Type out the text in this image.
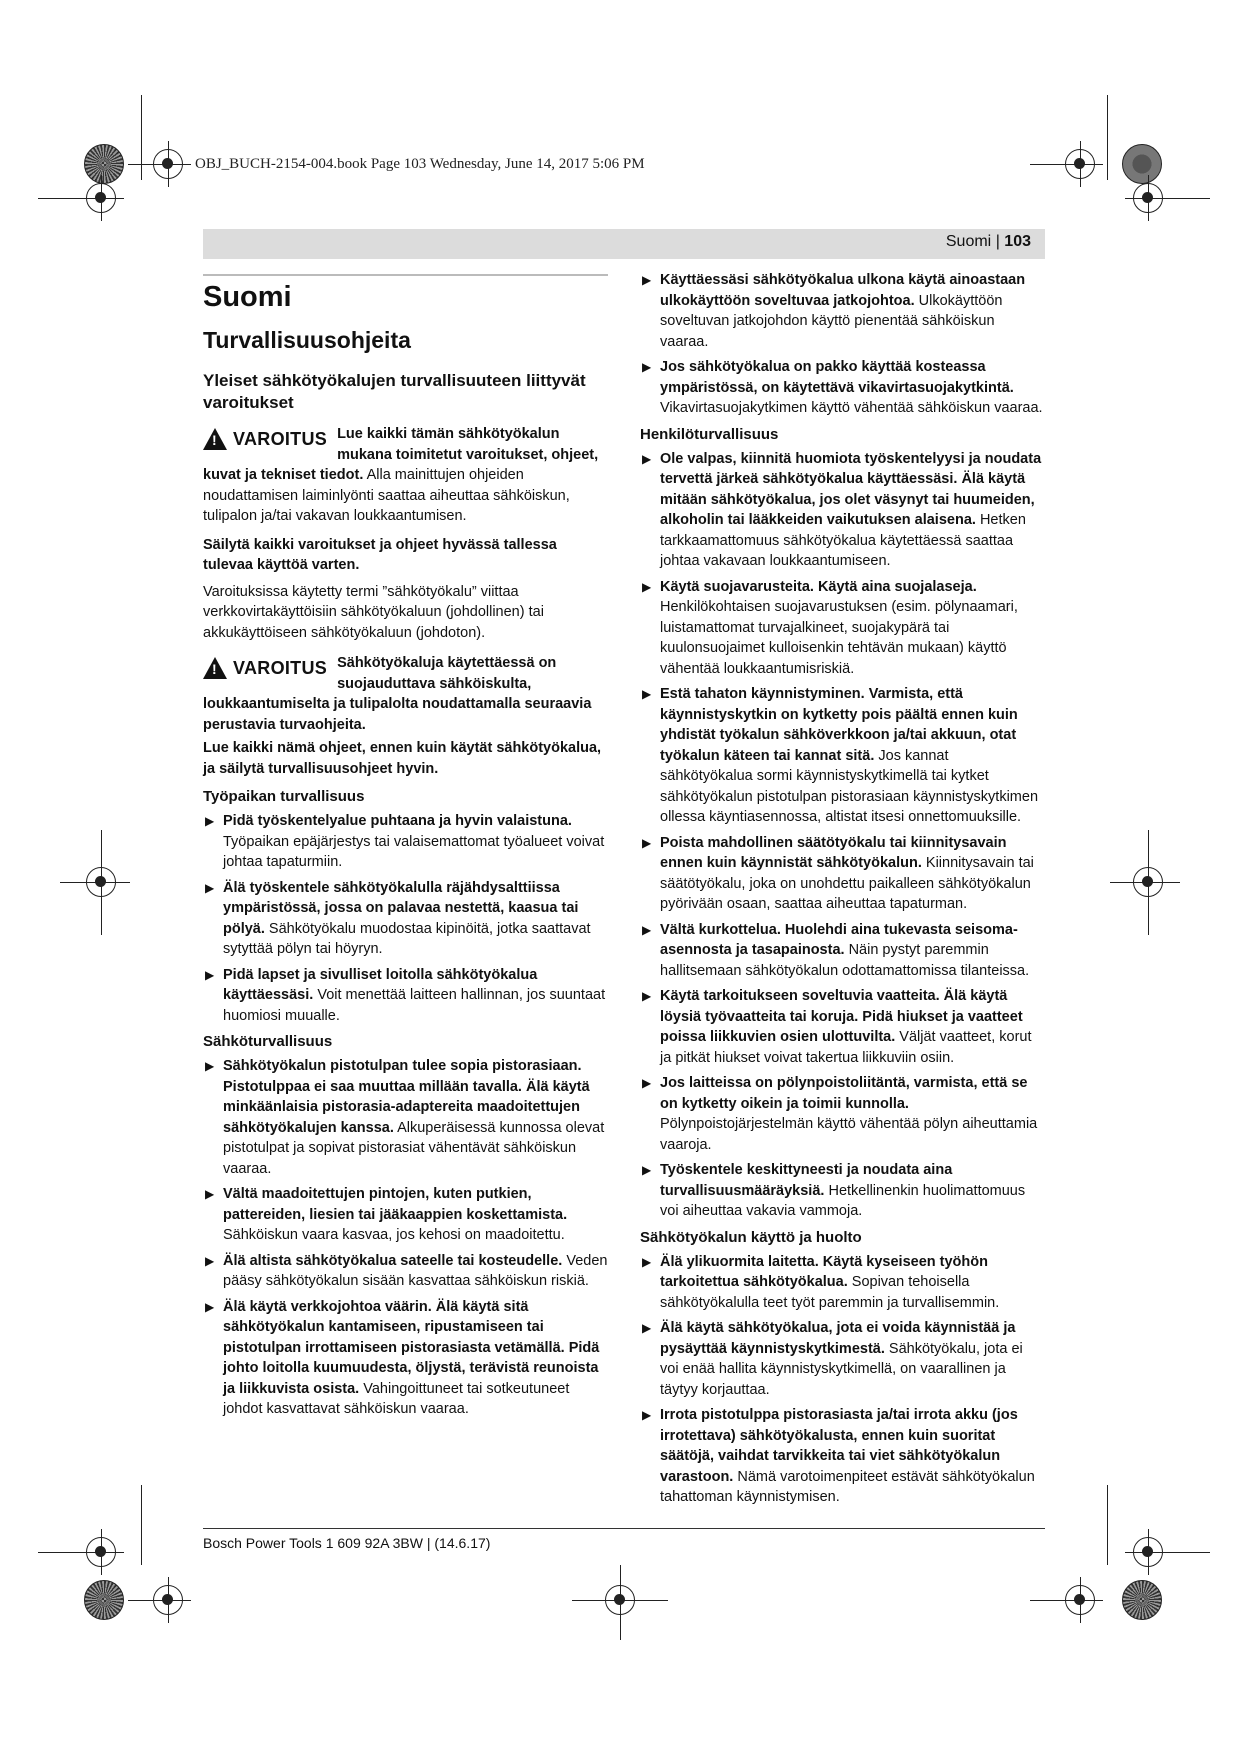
OBJ_BUCH-2154-004.book Page 103 Wednesday, June 14, 2017 5:06 PM
Suomi | 103
Suomi
Turvallisuusohjeita
Yleiset sähkötyökalujen turvallisuuteen liittyvät varoitukset
! VAROITUS Lue kaikki tämän sähkötyökalun mukana toimitetut varoitukset, ohjeet, kuvat ja tekniset tiedot. Alla mainittujen ohjeiden noudattamisen laiminlyönti saattaa aiheuttaa sähköiskun, tulipalon ja/tai vakavan loukkaantumisen.

Säilytä kaikki varoitukset ja ohjeet hyvässä tallessa tulevaa käyttöä varten.

Varoituksissa käytetty termi ”sähkötyökalu” viittaa verkkovirtakäyttöisiin sähkötyökaluun (johdollinen) tai akkukäyttöiseen sähkötyökaluun (johdoton).

! VAROITUS Sähkötyökaluja käytettäessä on suojauduttava sähköiskulta, loukkaantumiselta ja tulipalolta noudattamalla seuraavia perustavia turvaohjeita.

Lue kaikki nämä ohjeet, ennen kuin käytät sähkötyökalua, ja säilytä turvallisuusohjeet hyvin.

Työpaikan turvallisuus
▶ Pidä työskentelyalue puhtaana ja hyvin valaistuna. Työpaikan epäjärjestys tai valaisemattomat työalueet voivat johtaa tapaturmiin.
▶ Älä työskentele sähkötyökalulla räjähdysalttiissa ympäristössä, jossa on palavaa nestettä, kaasua tai pölyä. Sähkötyökalu muodostaa kipinöitä, jotka saattavat sytyttää pölyn tai höyryn.
▶ Pidä lapset ja sivulliset loitolla sähkötyökalua käyttäessäsi. Voit menettää laitteen hallinnan, jos suuntaat huomiosi muualle.
Sähköturvallisuus
▶ Sähkötyökalun pistotulpan tulee sopia pistorasiaan. Pistotulppaa ei saa muuttaa millään tavalla. Älä käytä minkäänlaisia pistorasia-adaptereita maadoitettujen sähkötyökalujen kanssa. Alkuperäisessä kunnossa olevat pistotulpat ja sopivat pistorasiat vähentävät sähköiskun vaaraa.
▶ Vältä maadoitettujen pintojen, kuten putkien, pattereiden, liesien tai jääkaappien koskettamista. Sähköiskun vaara kasvaa, jos kehosi on maadoitettu.
▶ Älä altista sähkötyökalua sateelle tai kosteudelle. Veden pääsy sähkötyökalun sisään kasvattaa sähköiskun riskiä.
▶ Älä käytä verkkojohtoa väärin. Älä käytä sitä sähkötyökalun kantamiseen, ripustamiseen tai pistotulpan irrottamiseen pistorasiasta vetämällä. Pidä johto loitolla kuumuudesta, öljystä, terävistä reunoista ja liikkuvista osista. Vahingoittuneet tai sotkeutuneet johdot kasvattavat sähköiskun vaaraa.
▶ Käyttäessäsi sähkötyökalua ulkona käytä ainoastaan ulkokäyttöön soveltuvaa jatkojohtoa. Ulkokäyttöön soveltuvan jatkojohdon käyttö pienentää sähköiskun vaaraa.
▶ Jos sähkötyökalua on pakko käyttää kosteassa ympäristössä, on käytettävä vikavirtasuojakytkintä. Vikavirtasuojakytkimen käyttö vähentää sähköiskun vaaraa.
Henkilöturvallisuus
▶ Ole valpas, kiinnitä huomiota työskentelyysi ja noudata tervettä järkeä sähkötyökalua käyttäessäsi. Älä käytä mitään sähkötyökalua, jos olet väsynyt tai huumeiden, alkoholin tai lääkkeiden vaikutuksen alaisena. Hetken tarkkaamattomuus sähkötyökalua käytettäessä saattaa johtaa vakavaan loukkaantumiseen.
▶ Käytä suojavarusteita. Käytä aina suojalaseja. Henkilökohtaisen suojavarustuksen (esim. pölynaamari, luistamattomat turvajalkineet, suojakypärä tai kuulonsuojaimet kulloisenkin tehtävän mukaan) käyttö vähentää loukkaantumisriskiä.
▶ Estä tahaton käynnistyminen. Varmista, että käynnistyskytkin on kytketty pois päältä ennen kuin yhdistät työkalun sähköverkkoon ja/tai akkuun, otat työkalun käteen tai kannat sitä. Jos kannat sähkötyökalua sormi käynnistyskytkimellä tai kytket sähkötyökalun pistotulpan pistorasiaan käynnistyskytkimen ollessa käyntiasennossa, altistat itsesi onnettomuuksille.
▶ Poista mahdollinen säätötyökalu tai kiinnitysavain ennen kuin käynnistät sähkötyökalun. Kiinnitysavain tai säätötyökalu, joka on unohdettu paikalleen sähkötyökalun pyörivään osaan, saattaa aiheuttaa tapaturman.
▶ Vältä kurkottelua. Huolehdi aina tukevasta seisoma-asennosta ja tasapainosta. Näin pystyt paremmin hallitsemaan sähkötyökalun odottamattomissa tilanteissa.
▶ Käytä tarkoitukseen soveltuvia vaatteita. Älä käytä löysiä työvaatteita tai koruja. Pidä hiukset ja vaatteet poissa liikkuvien osien ulottuvilta. Väljät vaatteet, korut ja pitkät hiukset voivat takertua liikkuviin osiin.
▶ Jos laitteissa on pölynpoistoliitäntä, varmista, että se on kytketty oikein ja toimii kunnolla. Pölynpoistojärjestelmän käyttö vähentää pölyn aiheuttamia vaaroja.
▶ Työskentele keskittyneesti ja noudata aina turvallisuusmääräyksiä. Hetkellinenkin huolimattomuus voi aiheuttaa vakavia vammoja.
Sähkötyökalun käyttö ja huolto
▶ Älä ylikuormita laitetta. Käytä kyseiseen työhön tarkoitettua sähkötyökalua. Sopivan tehoisella sähkötyökalulla teet työt paremmin ja turvallisemmin.
▶ Älä käytä sähkötyökalua, jota ei voida käynnistää ja pysäyttää käynnistyskytkimestä. Sähkötyökalu, jota ei voi enää hallita käynnistyskytkimellä, on vaarallinen ja täytyy korjauttaa.
▶ Irrota pistotulppa pistorasiasta ja/tai irrota akku (jos irrotettava) sähkötyökalusta, ennen kuin suoritat säätöjä, vaihdat tarvikkeita tai viet sähkötyökalun varastoon. Nämä varotoimenpiteet estävät sähkötyökalun tahattoman käynnistymisen.
Bosch Power Tools 1 609 92A 3BW | (14.6.17)
